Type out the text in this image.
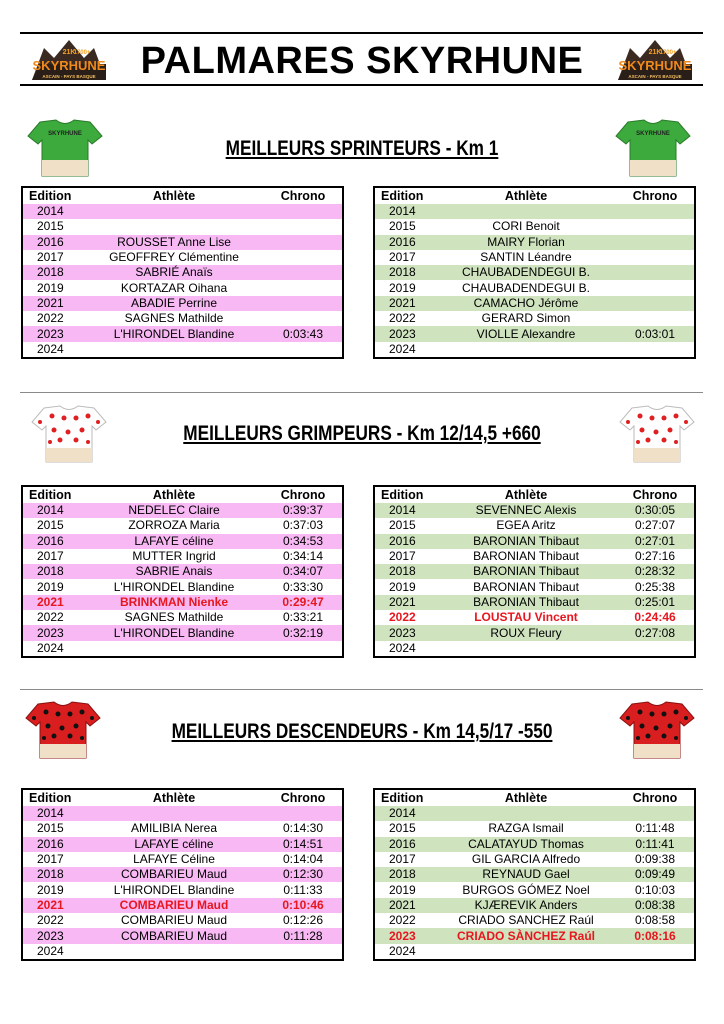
PALMARES SKYRHUNE
21K
1700+
SKYRHUNE
ASCAIN - PAYS BASQUE
21K
1700+
SKYRHUNE
ASCAIN - PAYS BASQUE
SKYRHUNE	SKYRHUNE
MEILLEURS SPRINTEURS - Km 1
Edition	Athlète	Chrono
2014		
2015		
2016	ROUSSET Anne Lise	
2017	GEOFFREY Clémentine	
2018	SABRIÉ Anaïs	
2019	KORTAZAR Oihana	
2021	ABADIE Perrine	
2022	SAGNES Mathilde	
2023	L'HIRONDEL Blandine	0:03:43
2024		
Edition	Athlète	Chrono
2014		
2015	CORI Benoit	
2016	MAIRY Florian	
2017	SANTIN Léandre	
2018	CHAUBADENDEGUI B.	
2019	CHAUBADENDEGUI B.	
2021	CAMACHO Jérôme	
2022	GERARD Simon	
2023	VIOLLE Alexandre	0:03:01
2024		
MEILLEURS GRIMPEURS - Km 12/14,5 +660
Edition	Athlète	Chrono
2014	NEDELEC Claire	0:39:37
2015	ZORROZA Maria	0:37:03
2016	LAFAYE céline	0:34:53
2017	MUTTER Ingrid	0:34:14
2018	SABRIE Anais	0:34:07
2019	L'HIRONDEL Blandine	0:33:30
2021	BRINKMAN Nienke	0:29:47
2022	SAGNES Mathilde	0:33:21
2023	L'HIRONDEL Blandine	0:32:19
2024		
Edition	Athlète	Chrono
2014	SEVENNEC Alexis	0:30:05
2015	EGEA Aritz	0:27:07
2016	BARONIAN Thibaut	0:27:01
2017	BARONIAN Thibaut	0:27:16
2018	BARONIAN Thibaut	0:28:32
2019	BARONIAN Thibaut	0:25:38
2021	BARONIAN Thibaut	0:25:01
2022	LOUSTAU Vincent	0:24:46
2023	ROUX Fleury	0:27:08
2024		
MEILLEURS DESCENDEURS - Km 14,5/17 -550
Edition	Athlète	Chrono
2014		
2015	AMILIBIA Nerea	0:14:30
2016	LAFAYE céline	0:14:51
2017	LAFAYE Céline	0:14:04
2018	COMBARIEU Maud	0:12:30
2019	L'HIRONDEL Blandine	0:11:33
2021	COMBARIEU Maud	0:10:46
2022	COMBARIEU Maud	0:12:26
2023	COMBARIEU Maud	0:11:28
2024		
Edition	Athlète	Chrono
2014		
2015	RAZGA Ismail	0:11:48
2016	CALATAYUD Thomas	0:11:41
2017	GIL GARCIA Alfredo	0:09:38
2018	REYNAUD Gael	0:09:49
2019	BURGOS GÓMEZ Noel	0:10:03
2021	KJÆREVIK Anders	0:08:38
2022	CRIADO SANCHEZ Raúl	0:08:58
2023	CRIADO SÀNCHEZ Raúl	0:08:16
2024		
